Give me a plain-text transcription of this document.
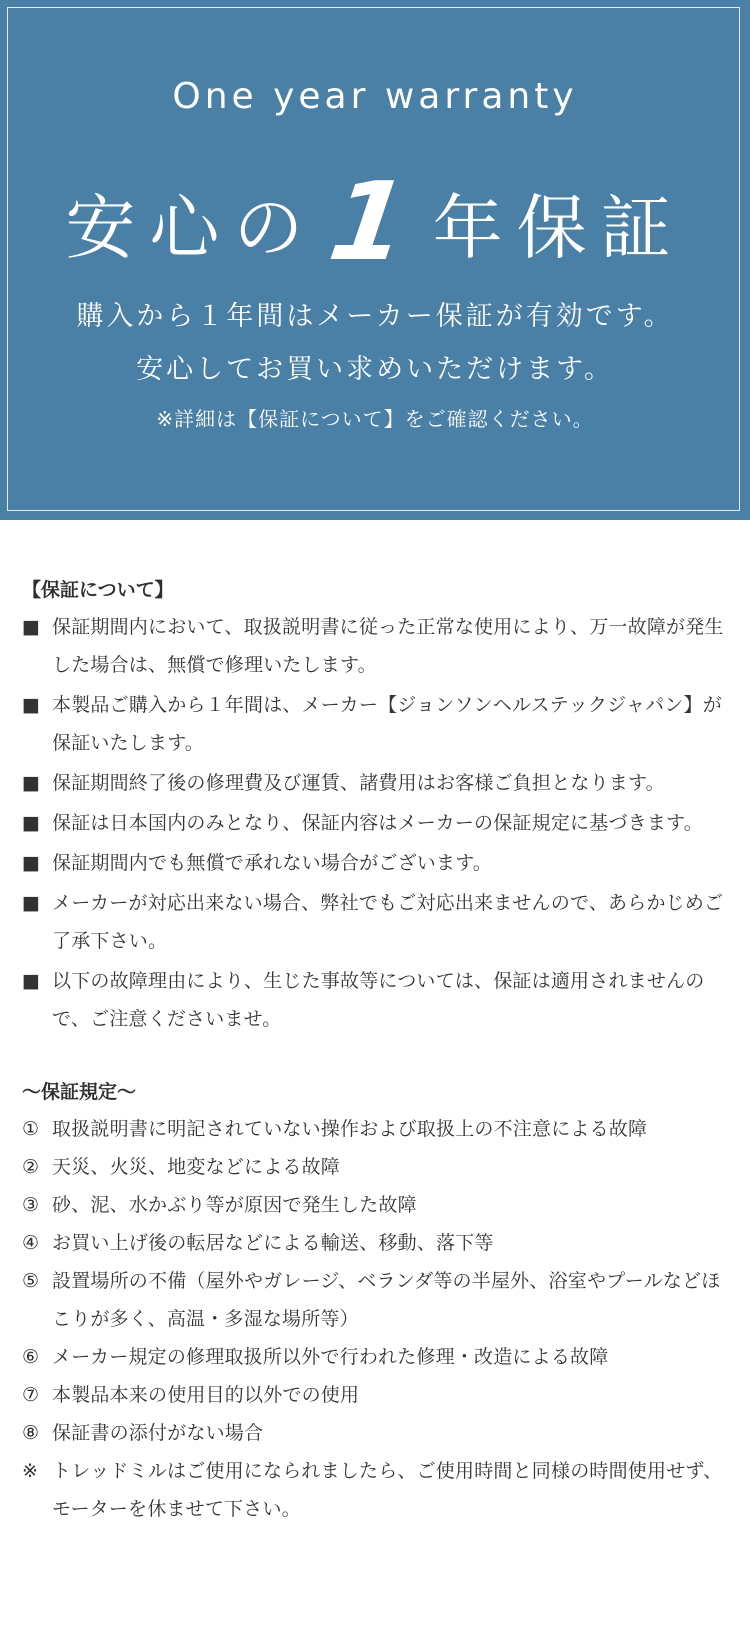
One year warranty
安心の1 年保証
購入から１年間はメーカー保証が有効です。
安心してお買い求めいただけます。
※詳細は【保証について】をご確認ください。
【保証について】
■ 保証期間内において、取扱説明書に従った正常な使用により、万一故障が発生した場合は、無償で修理いたします。
■ 本製品ご購入から１年間は、メーカー【ジョンソンヘルステックジャパン】が保証いたします。
■ 保証期間終了後の修理費及び運賃、諸費用はお客様ご負担となります。
■ 保証は日本国内のみとなり、保証内容はメーカーの保証規定に基づきます。
■ 保証期間内でも無償で承れない場合がございます。
■ メーカーが対応出来ない場合、弊社でもご対応出来ませんので、あらかじめご了承下さい。
■ 以下の故障理由により、生じた事故等については、保証は適用されませんので、ご注意くださいませ。
〜保証規定〜
① 取扱説明書に明記されていない操作および取扱上の不注意による故障
② 天災、火災、地変などによる故障
③ 砂、泥、水かぶり等が原因で発生した故障
④ お買い上げ後の転居などによる輸送、移動、落下等
⑤ 設置場所の不備（屋外やガレージ、ベランダ等の半屋外、浴室やプールなどほこりが多く、高温・多湿な場所等）
⑥ メーカー規定の修理取扱所以外で行われた修理・改造による故障
⑦ 本製品本来の使用目的以外での使用
⑧ 保証書の添付がない場合
※ トレッドミルはご使用になられましたら、ご使用時間と同様の時間使用せず、モーターを休ませて下さい。
